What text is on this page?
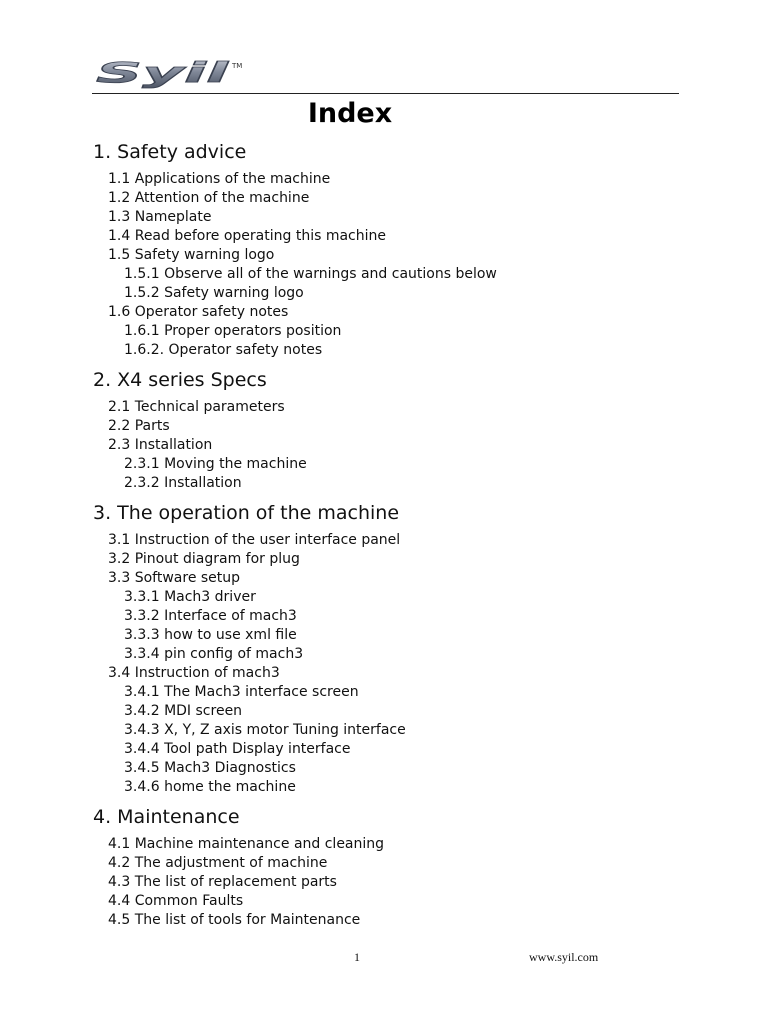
Syil TM
Index
1. Safety advice
1.1 Applications of the machine
1.2 Attention of the machine
1.3 Nameplate
1.4 Read before operating this machine
1.5 Safety warning logo
1.5.1 Observe all of the warnings and cautions below
1.5.2 Safety warning logo
1.6 Operator safety notes
1.6.1 Proper operators position
1.6.2. Operator safety notes
2. X4 series Specs
2.1 Technical parameters
2.2 Parts
2.3 Installation
2.3.1 Moving the machine
2.3.2 Installation
3. The operation of the machine
3.1 Instruction of the user interface panel
3.2 Pinout diagram for plug
3.3 Software setup
3.3.1 Mach3 driver
3.3.2 Interface of mach3
3.3.3 how to use xml file
3.3.4 pin config of mach3
3.4 Instruction of mach3
3.4.1 The Mach3 interface screen
3.4.2 MDI screen
3.4.3 X, Y, Z axis motor Tuning interface
3.4.4 Tool path Display interface
3.4.5 Mach3 Diagnostics
3.4.6 home the machine
4. Maintenance
4.1 Machine maintenance and cleaning
4.2 The adjustment of machine
4.3 The list of replacement parts
4.4 Common Faults
4.5 The list of tools for Maintenance
1	www.syil.com
